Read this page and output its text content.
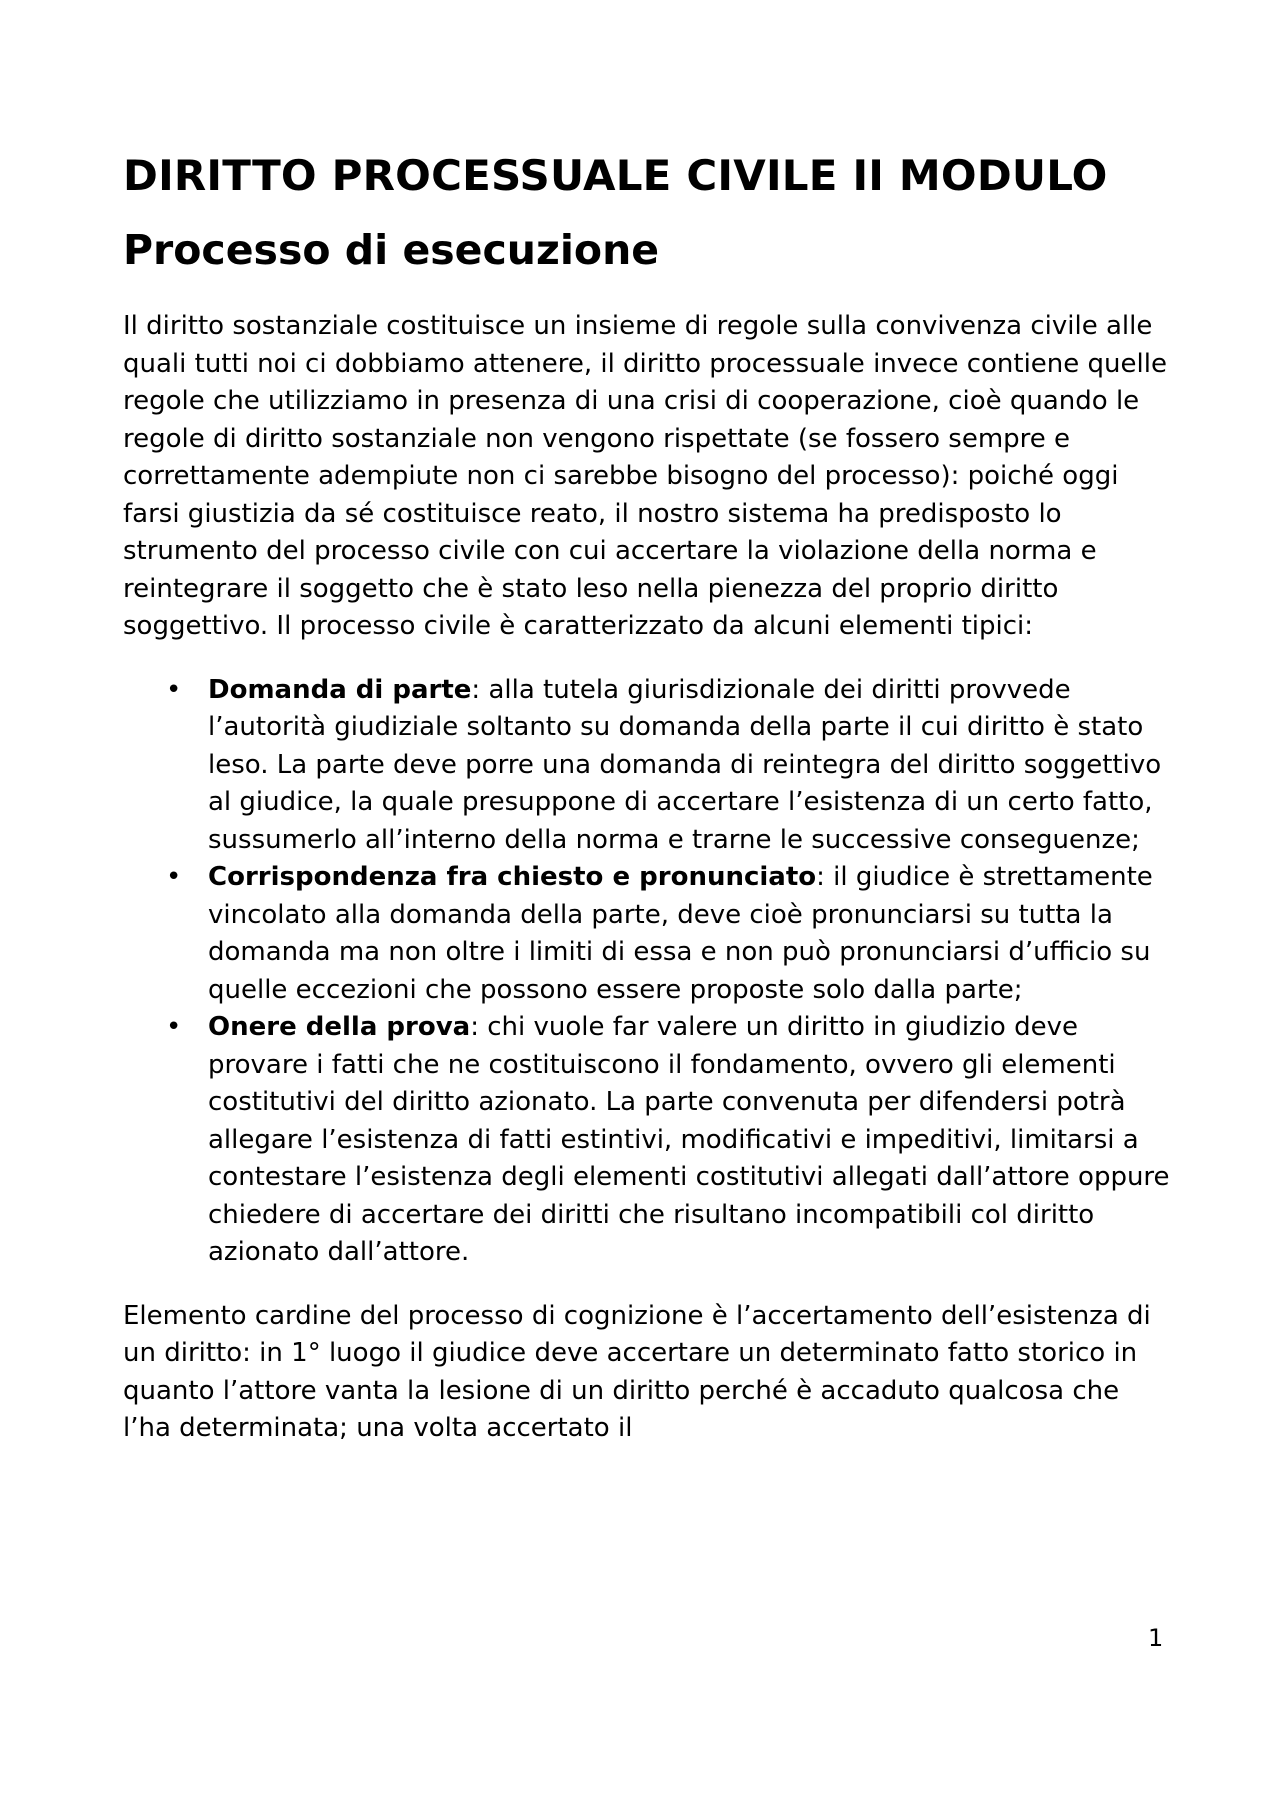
DIRITTO PROCESSUALE CIVILE II MODULO
Processo di esecuzione

Il diritto sostanziale costituisce un insieme di regole sulla convivenza civile alle quali tutti noi ci dobbiamo attenere, il diritto processuale invece contiene quelle regole che utilizziamo in presenza di una crisi di cooperazione, cioè quando le regole di diritto sostanziale non vengono rispettate (se fossero sempre e correttamente adempiute non ci sarebbe bisogno del processo): poiché oggi farsi giustizia da sé costituisce reato, il nostro sistema ha predisposto lo strumento del processo civile con cui accertare la violazione della norma e reintegrare il soggetto che è stato leso nella pienezza del proprio diritto soggettivo. Il processo civile è caratterizzato da alcuni elementi tipici:

• Domanda di parte: alla tutela giurisdizionale dei diritti provvede l’autorità giudiziale soltanto su domanda della parte il cui diritto è stato leso. La parte deve porre una domanda di reintegra del diritto soggettivo al giudice, la quale presuppone di accertare l’esistenza di un certo fatto, sussumerlo all’interno della norma e trarne le successive conseguenze;
• Corrispondenza fra chiesto e pronunciato: il giudice è strettamente vincolato alla domanda della parte, deve cioè pronunciarsi su tutta la domanda ma non oltre i limiti di essa e non può pronunciarsi d’ufficio su quelle eccezioni che possono essere proposte solo dalla parte;
• Onere della prova: chi vuole far valere un diritto in giudizio deve provare i fatti che ne costituiscono il fondamento, ovvero gli elementi costitutivi del diritto azionato. La parte convenuta per difendersi potrà allegare l’esistenza di fatti estintivi, modificativi e impeditivi, limitarsi a contestare l’esistenza degli elementi costitutivi allegati dall’attore oppure chiedere di accertare dei diritti che risultano incompatibili col diritto azionato dall’attore.

Elemento cardine del processo di cognizione è l’accertamento dell’esistenza di un diritto: in 1° luogo il giudice deve accertare un determinato fatto storico in quanto l’attore vanta la lesione di un diritto perché è accaduto qualcosa che l’ha determinata; una volta accertato il

1
